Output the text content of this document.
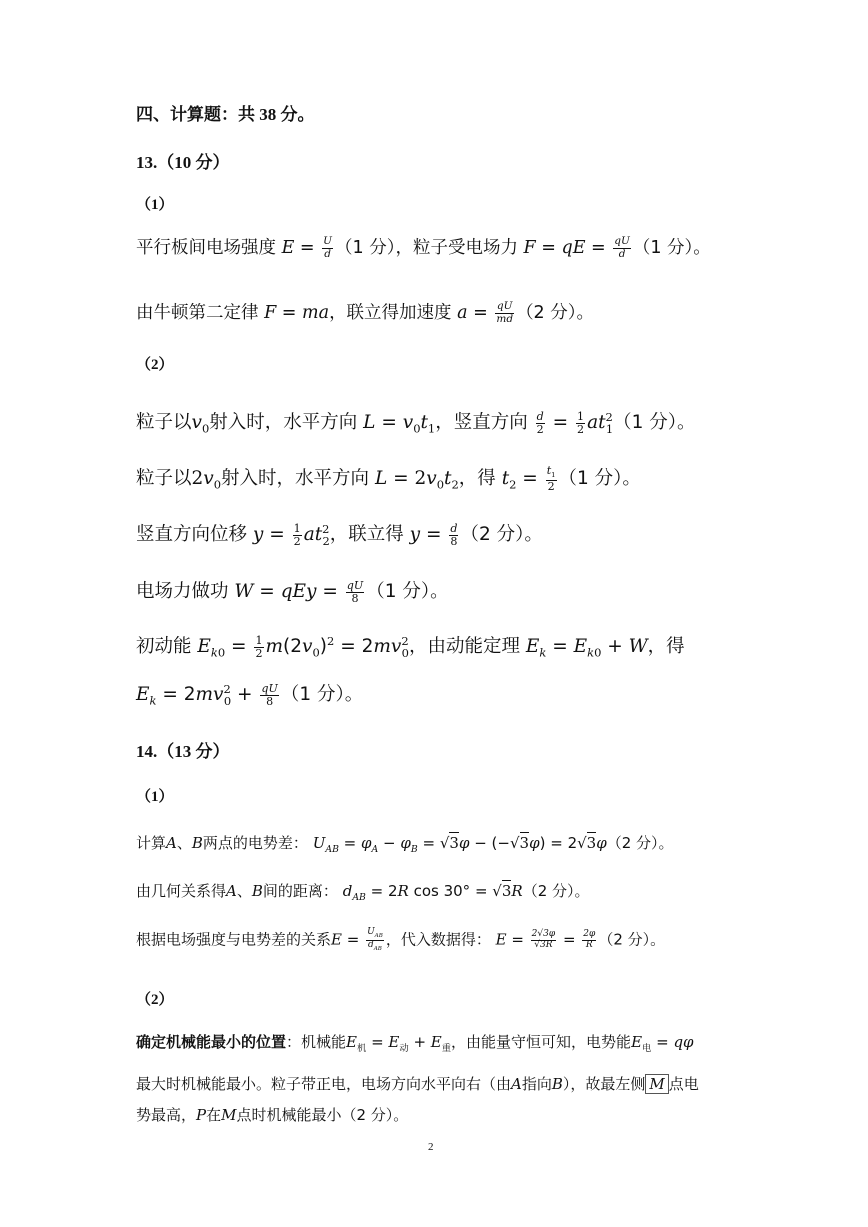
四、计算题：共 38 分。
13.（10 分）
（1）
平行板间电场强度 $E = \frac{U}{d} (1$ 分），粒子受电场力 F = qE = $\frac{qU}{d} (1$ 分）。
由牛顿第二定律 F = ma，联立得加速度 $a = \frac{qU}{md} (2$ 分）。
（2）
粒子以$v_0$射入时，水平方向 $L = v_0t_1$，竖直方向 $\frac{d}{2} = \frac{1}{2} at^2_1(1$ 分）。
粒子以$2v_0$射入时，水平方向 $L = 2v_0t_2$，得 $t_2 = \frac{t_1}{2} (1$ 分）。
竖直方向位移 $y = \frac{1}{2} at^2_2$，联立得 $y = \frac{d}{8} (2$ 分）。
电场力做功 W = qEy = $\frac{qU}{8} (1$ 分）。
初动能 $E_{k0} = \frac{1}{2} m(2v_0)^2 = 2mv^2_0$，由动能定理 $E_k = E_{k0} + W$，得
$E_k = 2mv^2_0 + \frac{qU}{8} (1$ 分）。
14.（13 分）
（1）
计算A、B两点的电势差： $U_{AB} = \varphi_A - \varphi_B = √3\varphi - (-√3\varphi) = 2√3\varphi(2$ 分）。
由几何关系得A、B间的距离： $d_{AB} = 2R$ cos 30° = √3R（2 分）。
根据电场强度与电势差的关系$E = U_{AB}$
$d_{AB}$ ，代入数据得： $E = \frac{2√3\varphi}{√3R} = \frac{2\varphi}{R} (2$ 分）。
（2）
确定机械能最小的位置：机械能$E_机 = E_动 + E_重$，由能量守恒可知，电势能$E_电 = q\varphi$
最大时机械能最小。粒子带正电，电场方向水平向右（由A指向B），故最左侧 M 点电
势最高，P在M点时机械能最小（2 分）。
2
